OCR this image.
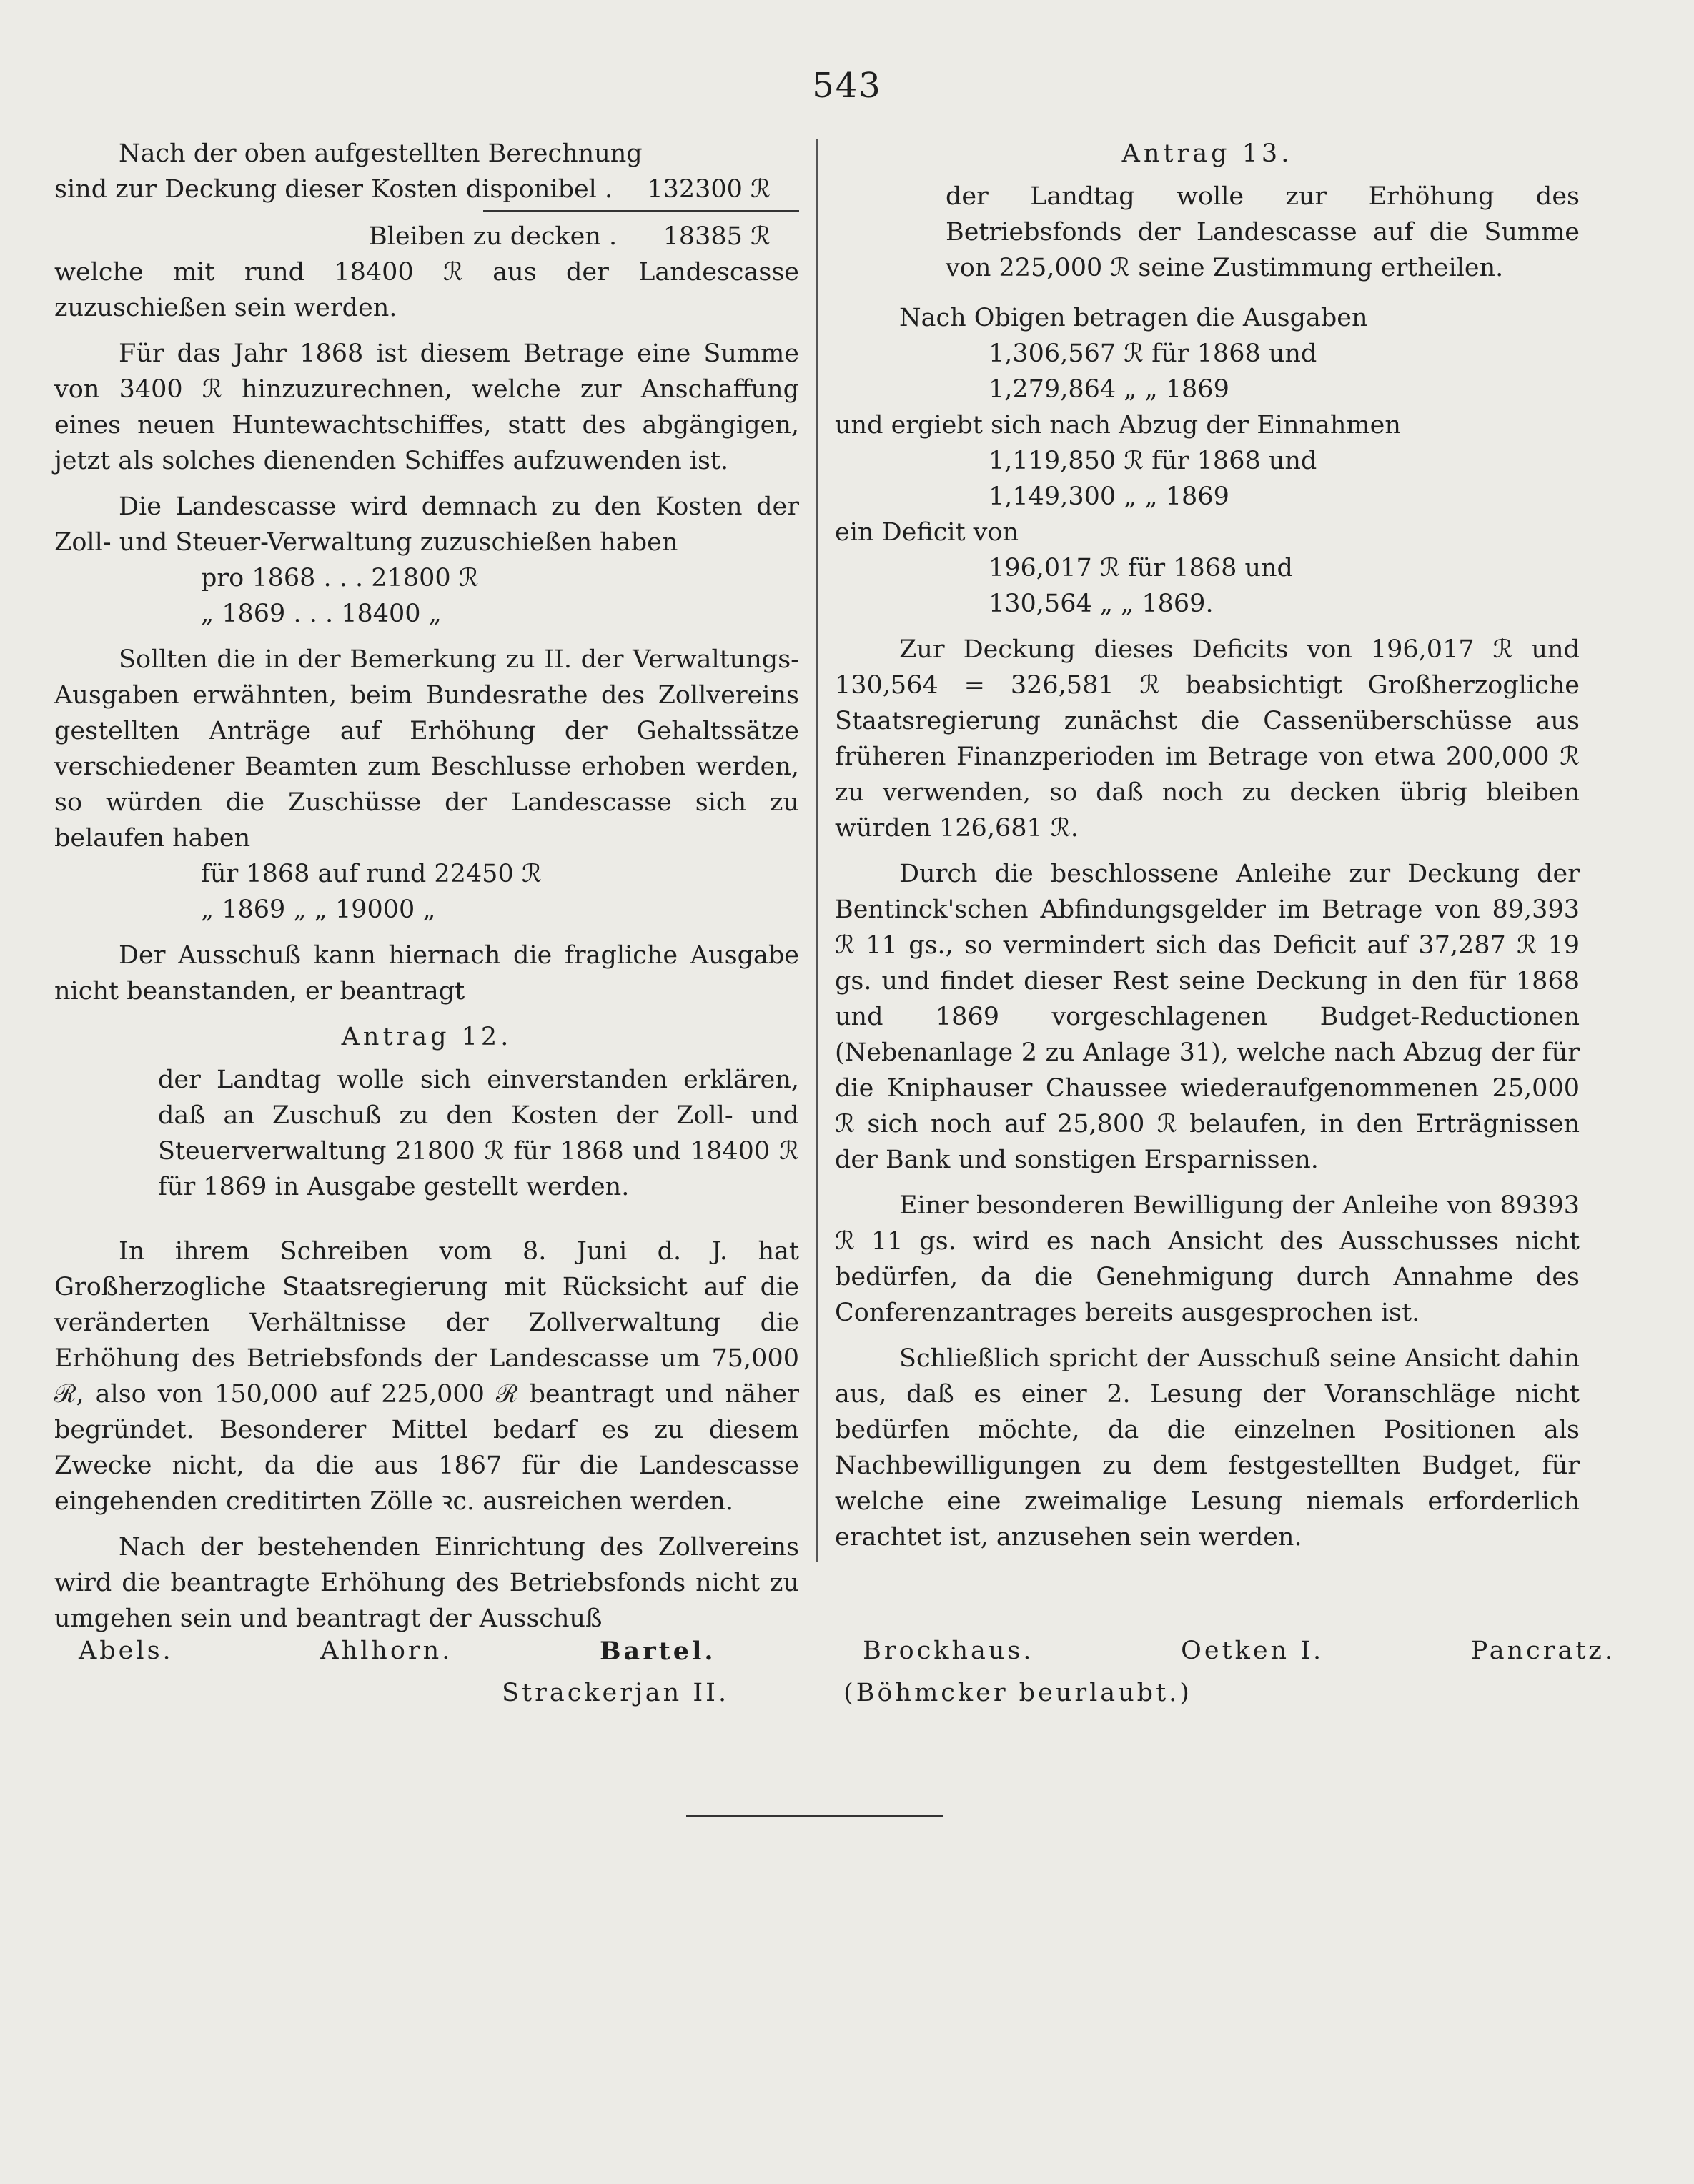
543

Nach der oben aufgestellten Berechnung

sind zur Deckung dieser Kosten disponibel . 132300 ℛ
Bleiben zu decken . 18385 ℛ

welche mit rund 18400 ℛ aus der Landescasse zuzuschießen sein werden.

Für das Jahr 1868 ist diesem Betrage eine Summe von 3400 ℛ hinzuzurechnen, welche zur Anschaffung eines neuen Huntewachtschiffes, statt des abgängigen, jetzt als solches dienenden Schiffes aufzuwenden ist.

Die Landescasse wird demnach zu den Kosten der Zoll- und Steuer-Verwaltung zuzuschießen haben

pro 1868 . . . 21800 ℛ
„ 1869 . . . 18400 „

Sollten die in der Bemerkung zu II. der Verwaltungs-Ausgaben erwähnten, beim Bundesrathe des Zollvereins gestellten Anträge auf Erhöhung der Gehaltssätze verschiedener Beamten zum Beschlusse erhoben werden, so würden die Zuschüsse der Landescasse sich zu belaufen haben

für 1868 auf rund 22450 ℛ
„ 1869 „ „ 19000 „

Der Ausschuß kann hiernach die fragliche Ausgabe nicht beanstanden, er beantragt

Antrag 12.
der Landtag wolle sich einverstanden erklären, daß an Zuschuß zu den Kosten der Zoll- und Steuerverwaltung 21800 ℛ für 1868 und 18400 ℛ für 1869 in Ausgabe gestellt werden.

In ihrem Schreiben vom 8. Juni d. J. hat Großherzogliche Staatsregierung mit Rücksicht auf die veränderten Verhältnisse der Zollverwaltung die Erhöhung des Betriebsfonds der Landescasse um 75,000 ℛ, also von 150,000 auf 225,000 ℛ beantragt und näher begründet. Besonderer Mittel bedarf es zu diesem Zwecke nicht, da die aus 1867 für die Landescasse eingehenden creditirten Zölle ꝛc. ausreichen werden.

Nach der bestehenden Einrichtung des Zollvereins wird die beantragte Erhöhung des Betriebsfonds nicht zu umgehen sein und beantragt der Ausschuß

Antrag 13.
der Landtag wolle zur Erhöhung des Betriebsfonds der Landescasse auf die Summe von 225,000 ℛ seine Zustimmung ertheilen.

Nach Obigen betragen die Ausgaben

1,306,567 ℛ für 1868 und
1,279,864 „ „ 1869

und ergiebt sich nach Abzug der Einnahmen

1,119,850 ℛ für 1868 und
1,149,300 „ „ 1869

ein Deficit von

196,017 ℛ für 1868 und
130,564 „ „ 1869.

Zur Deckung dieses Deficits von 196,017 ℛ und 130,564 = 326,581 ℛ beabsichtigt Großherzogliche Staatsregierung zunächst die Cassenüberschüsse aus früheren Finanzperioden im Betrage von etwa 200,000 ℛ zu verwenden, so daß noch zu decken übrig bleiben würden 126,681 ℛ.

Durch die beschlossene Anleihe zur Deckung der Bentinck'schen Abfindungsgelder im Betrage von 89,393 ℛ 11 gs., so vermindert sich das Deficit auf 37,287 ℛ 19 gs. und findet dieser Rest seine Deckung in den für 1868 und 1869 vorgeschlagenen Budget-Reductionen (Nebenanlage 2 zu Anlage 31), welche nach Abzug der für die Kniphauser Chaussee wiederaufgenommenen 25,000 ℛ sich noch auf 25,800 ℛ belaufen, in den Erträgnissen der Bank und sonstigen Ersparnissen.

Einer besonderen Bewilligung der Anleihe von 89393 ℛ 11 gs. wird es nach Ansicht des Ausschusses nicht bedürfen, da die Genehmigung durch Annahme des Conferenzantrages bereits ausgesprochen ist.

Schließlich spricht der Ausschuß seine Ansicht dahin aus, daß es einer 2. Lesung der Voranschläge nicht bedürfen möchte, da die einzelnen Positionen als Nachbewilligungen zu dem festgestellten Budget, für welche eine zweimalige Lesung niemals erforderlich erachtet ist, anzusehen sein werden.

Abels.	Ahlhorn.	Bartel.	Brockhaus.	Oetken I.	Pancratz.
Strackerjan II.	(Böhmcker beurlaubt.)
